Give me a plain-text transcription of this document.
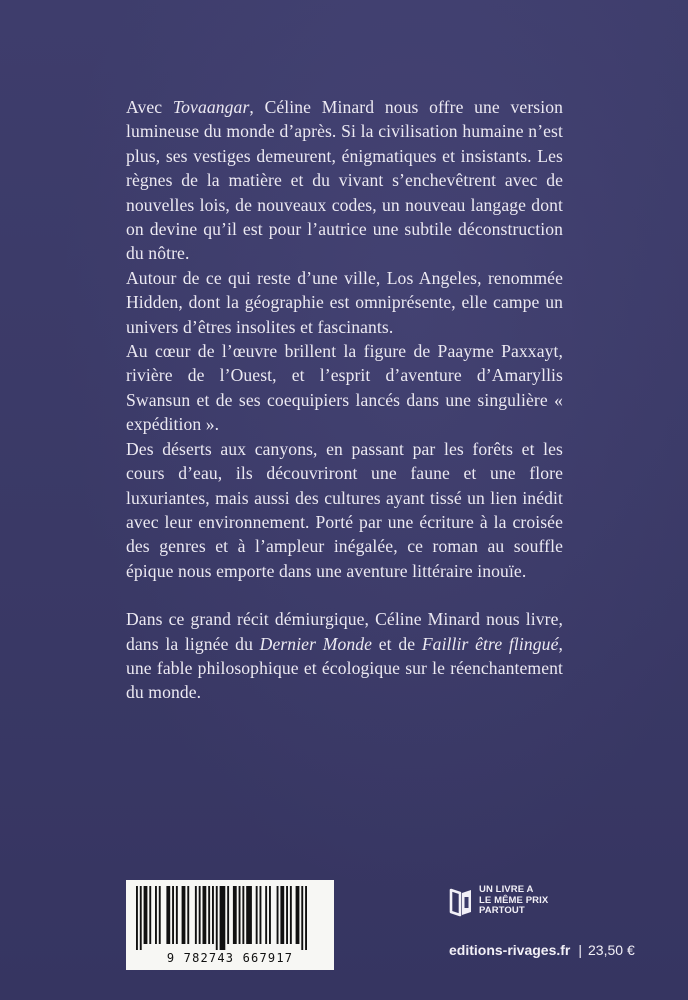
Avec Tovaangar, Céline Minard nous offre une version lumineuse du monde d’après. Si la civilisation humaine n’est plus, ses vestiges demeurent, énigmatiques et insistants. Les règnes de la matière et du vivant s’enchevêtrent avec de nouvelles lois, de nouveaux codes, un nouveau langage dont on devine qu’il est pour l’autrice une subtile déconstruction du nôtre.

Autour de ce qui reste d’une ville, Los Angeles, renommée Hidden, dont la géographie est omniprésente, elle campe un univers d’êtres insolites et fascinants.

Au cœur de l’œuvre brillent la figure de Paayme Paxxayt, rivière de l’Ouest, et l’esprit d’aventure d’Amaryllis Swansun et de ses coequipiers lancés dans une singulière « expédition ».

Des déserts aux canyons, en passant par les forêts et les cours d’eau, ils découvriront une faune et une flore luxuriantes, mais aussi des cultures ayant tissé un lien inédit avec leur environnement. Porté par une écriture à la croisée des genres et à l’ampleur inégalée, ce roman au souffle épique nous emporte dans une aventure littéraire inouïe.

Dans ce grand récit démiurgique, Céline Minard nous livre, dans la lignée du Dernier Monde et de Faillir être flingué, une fable philosophique et écologique sur le réenchantement du monde.

9 782743 667917
UN LIVRE A
LE MÊME PRIX
PARTOUT
editions-rivages.fr | 23,50 €
